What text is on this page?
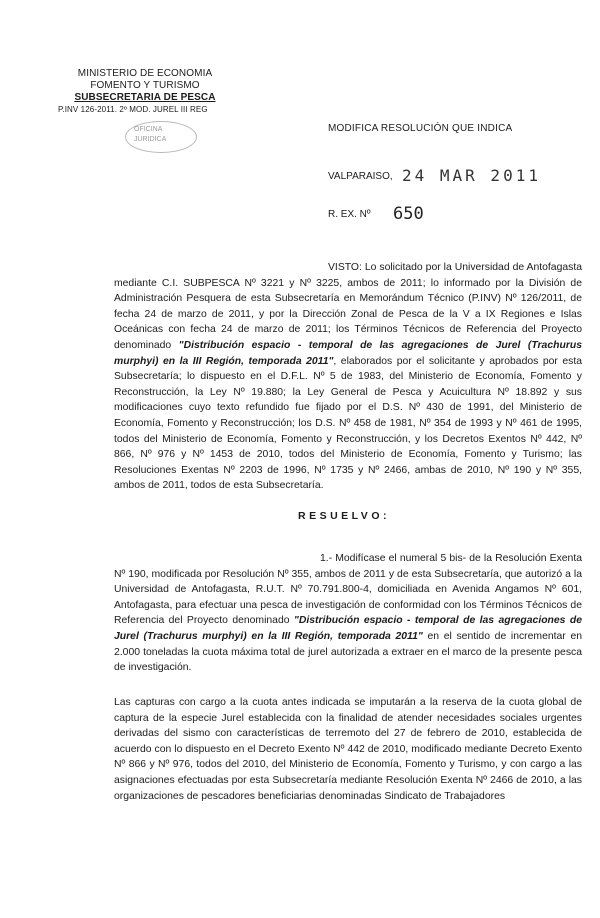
MINISTERIO DE ECONOMIA
FOMENTO Y TURISMO
SUBSECRETARIA DE PESCA
P.INV 126-2011. 2º MOD. JUREL III REG
OFICINA
JURIDICA
MODIFICA RESOLUCIÓN QUE INDICA
VALPARAISO, 24 MAR 2011
R. EX. Nº 650
VISTO: Lo solicitado por la Universidad de Antofagasta mediante C.I. SUBPESCA Nº 3221 y Nº 3225, ambos de 2011; lo informado por la División de Administración Pesquera de esta Subsecretaría en Memorándum Técnico (P.INV) Nº 126/2011, de fecha 24 de marzo de 2011, y por la Dirección Zonal de Pesca de la V a IX Regiones e Islas Oceánicas con fecha 24 de marzo de 2011; los Términos Técnicos de Referencia del Proyecto denominado "Distribución espacio - temporal de las agregaciones de Jurel (Trachurus murphyi) en la III Región, temporada 2011", elaborados por el solicitante y aprobados por esta Subsecretaría; lo dispuesto en el D.F.L. Nº 5 de 1983, del Ministerio de Economía, Fomento y Reconstrucción, la Ley Nº 19.880; la Ley General de Pesca y Acuicultura Nº 18.892 y sus modificaciones cuyo texto refundido fue fijado por el D.S. Nº 430 de 1991, del Ministerio de Economía, Fomento y Reconstrucción; los D.S. Nº 458 de 1981, Nº 354 de 1993 y Nº 461 de 1995, todos del Ministerio de Economía, Fomento y Reconstrucción, y los Decretos Exentos Nº 442, Nº 866, Nº 976 y Nº 1453 de 2010, todos del Ministerio de Economía, Fomento y Turismo; las Resoluciones Exentas Nº 2203 de 1996, Nº 1735 y Nº 2466, ambas de 2010, Nº 190 y Nº 355, ambos de 2011, todos de esta Subsecretaría.
RESUELVO:
1.- Modifícase el numeral 5 bis- de la Resolución Exenta Nº 190, modificada por Resolución Nº 355, ambos de 2011 y de esta Subsecretaría, que autorizó a la Universidad de Antofagasta, R.U.T. Nº 70.791.800-4, domiciliada en Avenida Angamos Nº 601, Antofagasta, para efectuar una pesca de investigación de conformidad con los Términos Técnicos de Referencia del Proyecto denominado "Distribución espacio - temporal de las agregaciones de Jurel (Trachurus murphyi) en la III Región, temporada 2011" en el sentido de incrementar en 2.000 toneladas la cuota máxima total de jurel autorizada a extraer en el marco de la presente pesca de investigación.
Las capturas con cargo a la cuota antes indicada se imputarán a la reserva de la cuota global de captura de la especie Jurel establecida con la finalidad de atender necesidades sociales urgentes derivadas del sismo con características de terremoto del 27 de febrero de 2010, establecida de acuerdo con lo dispuesto en el Decreto Exento Nº 442 de 2010, modificado mediante Decreto Exento Nº 866 y Nº 976, todos del 2010, del Ministerio de Economía, Fomento y Turismo, y con cargo a las asignaciones efectuadas por esta Subsecretaría mediante Resolución Exenta Nº 2466 de 2010, a las organizaciones de pescadores beneficiarias denominadas Sindicato de Trabajadores
